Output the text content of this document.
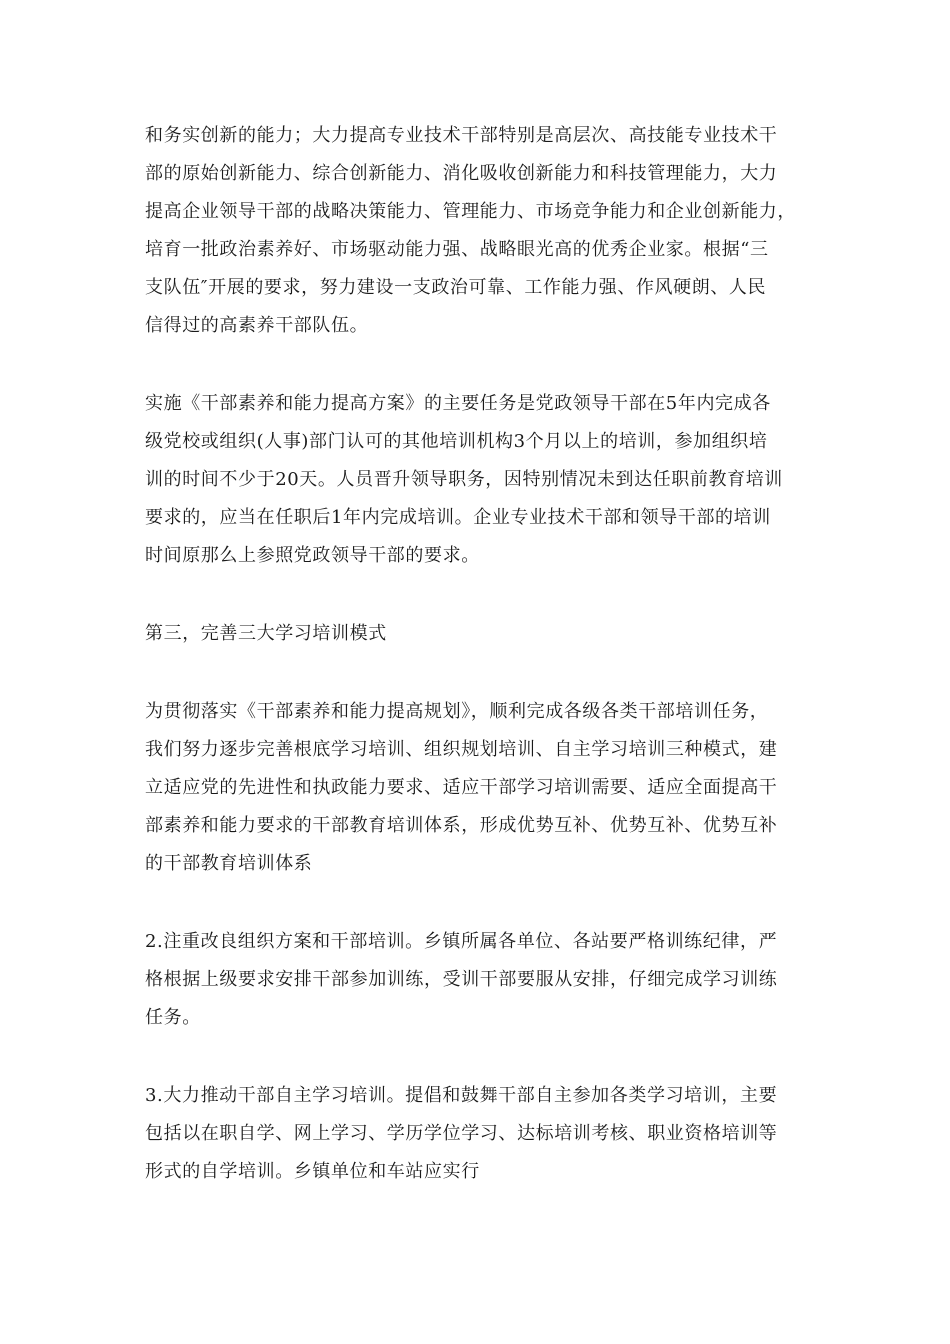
和务实创新的能力；大力提高专业技术干部特别是高层次、高技能专业技术干
部的原始创新能力、综合创新能力、消化吸收创新能力和科技管理能力，大力
提高企业领导干部的战略决策能力、管理能力、市场竞争能力和企业创新能力，
培育一批政治素养好、市场驱动能力强、战略眼光高的优秀企业家。根据“三
支队伍″开展的要求，努力建设一支政治可靠、工作能力强、作风硬朗、人民
信得过的高素养干部队伍。

实施《干部素养和能力提高方案》的主要任务是党政领导干部在5年内完成各
级党校或组织(人事)部门认可的其他培训机构3个月以上的培训，参加组织培
训的时间不少于20天。人员晋升领导职务，因特别情况未到达任职前教育培训
要求的，应当在任职后1年内完成培训。企业专业技术干部和领导干部的培训
时间原那么上参照党政领导干部的要求。

第三，完善三大学习培训模式

为贯彻落实《干部素养和能力提高规划》，顺利完成各级各类干部培训任务，
我们努力逐步完善根底学习培训、组织规划培训、自主学习培训三种模式，建
立适应党的先进性和执政能力要求、适应干部学习培训需要、适应全面提高干
部素养和能力要求的干部教育培训体系，形成优势互补、优势互补、优势互补
的干部教育培训体系

2.注重改良组织方案和干部培训。乡镇所属各单位、各站要严格训练纪律，严
格根据上级要求安排干部参加训练，受训干部要服从安排，仔细完成学习训练
任务。

3.大力推动干部自主学习培训。提倡和鼓舞干部自主参加各类学习培训，主要
包括以在职自学、网上学习、学历学位学习、达标培训考核、职业资格培训等
形式的自学培训。乡镇单位和车站应实行
